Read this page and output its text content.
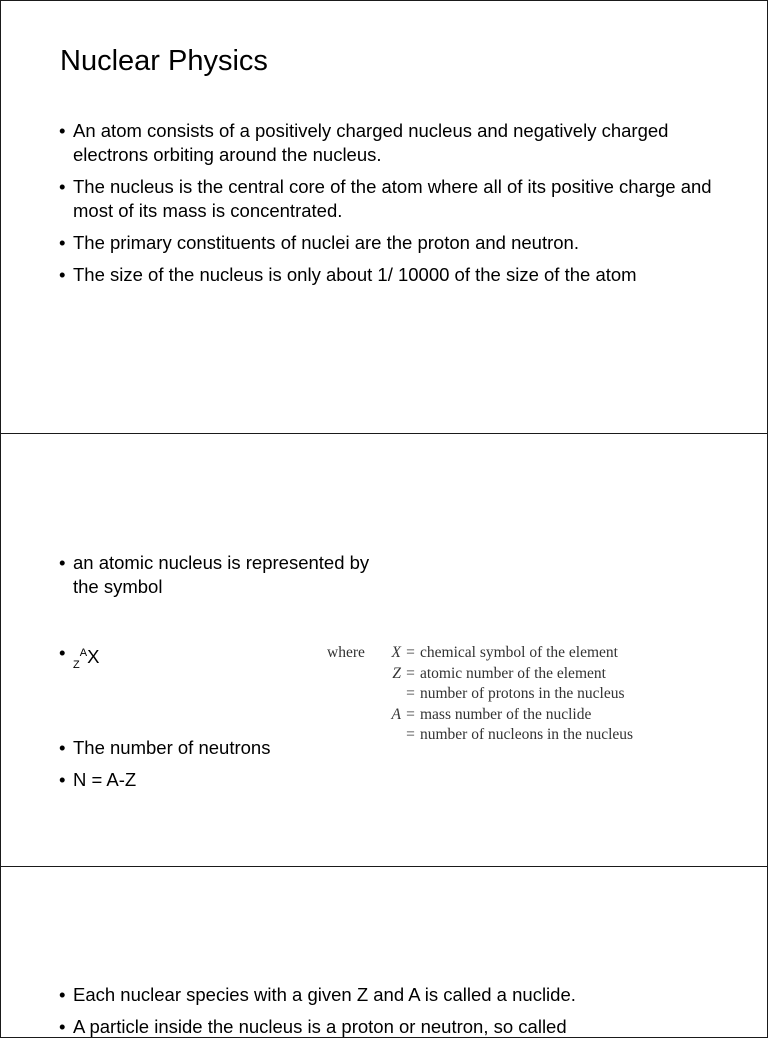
Nuclear Physics
• An atom consists of a positively charged nucleus and negatively charged electrons orbiting around the nucleus.
• The nucleus is the central core of the atom where all of its positive charge and most of its mass is concentrated.
• The primary constituents of nuclei are the proton and neutron.
• The size of the nucleus is only about 1/ 10000 of the size of the atom
• an atomic nucleus is represented by the symbol
• $_Z^A$X
• The number of neutrons
• N = A-Z
where	X	=	chemical symbol of the element
	Z	=	atomic number of the element
		=	number of protons in the nucleus
	A	=	mass number of the nuclide
		=	number of nucleons in the nucleus
• Each nuclear species with a given Z and A is called a nuclide.
• A particle inside the nucleus is a proton or neutron, so called
